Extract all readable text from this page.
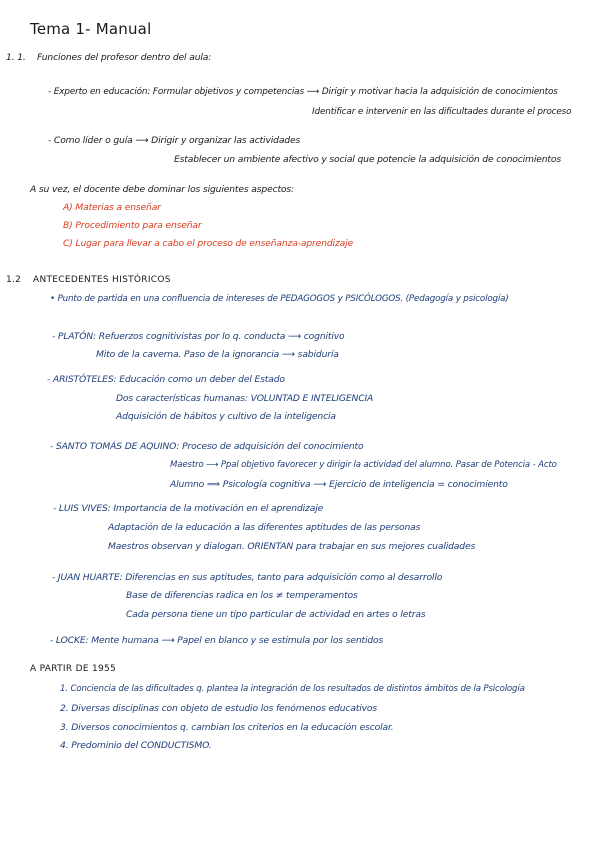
Tema 1- Manual
1. 1. Funciones del profesor dentro del aula:
- Experto en educación: Formular objetivos y competencias ⟶ Dirigir y motivar hacia la adquisición de conocimientos
Identificar e intervenir en las dificultades durante el proceso
- Como líder o guía ⟶ Dirigir y organizar las actividades
Establecer un ambiente afectivo y social que potencie la adquisición de conocimientos
A su vez, el docente debe dominar los siguientes aspectos:
A) Materias a enseñar
B) Procedimiento para enseñar
C) Lugar para llevar a cabo el proceso de enseñanza-aprendizaje
1.2 ANTECEDENTES HISTÓRICOS
• Punto de partida en una confluencia de intereses de PEDAGOGOS y PSICÓLOGOS. (Pedagogía y psicología)
- PLATÓN: Refuerzos cognitivistas por lo q. conducta ⟶ cognitivo
Mito de la caverna. Paso de la ignorancia ⟶ sabiduría
- ARISTÓTELES: Educación como un deber del Estado
Dos características humanas: VOLUNTAD E INTELIGENCIA
Adquisición de hábitos y cultivo de la inteligencia
- SANTO TOMÁS DE AQUINO: Proceso de adquisición del conocimiento
Maestro ⟶ Ppal objetivo favorecer y dirigir la actividad del alumno. Pasar de Potencia - Acto
Alumno ⟹ Psicología cognitiva ⟶ Ejercicio de inteligencia = conocimiento
- LUIS VIVES: Importancia de la motivación en el aprendizaje
Adaptación de la educación a las diferentes aptitudes de las personas
Maestros observan y dialogan. ORIENTAN para trabajar en sus mejores cualidades
- JUAN HUARTE: Diferencias en sus aptitudes, tanto para adquisición como al desarrollo
Base de diferencias radica en los ≠ temperamentos
Cada persona tiene un tipo particular de actividad en artes o letras
- LOCKE: Mente humana ⟶ Papel en blanco y se estimula por los sentidos
A PARTIR DE 1955
1. Conciencia de las dificultades q. plantea la integración de los resultados de distintos ámbitos de la Psicología
2. Diversas disciplinas con objeto de estudio los fenómenos educativos
3. Diversos conocimientos q. cambian los criterios en la educación escolar.
4. Predominio del CONDUCTISMO.
